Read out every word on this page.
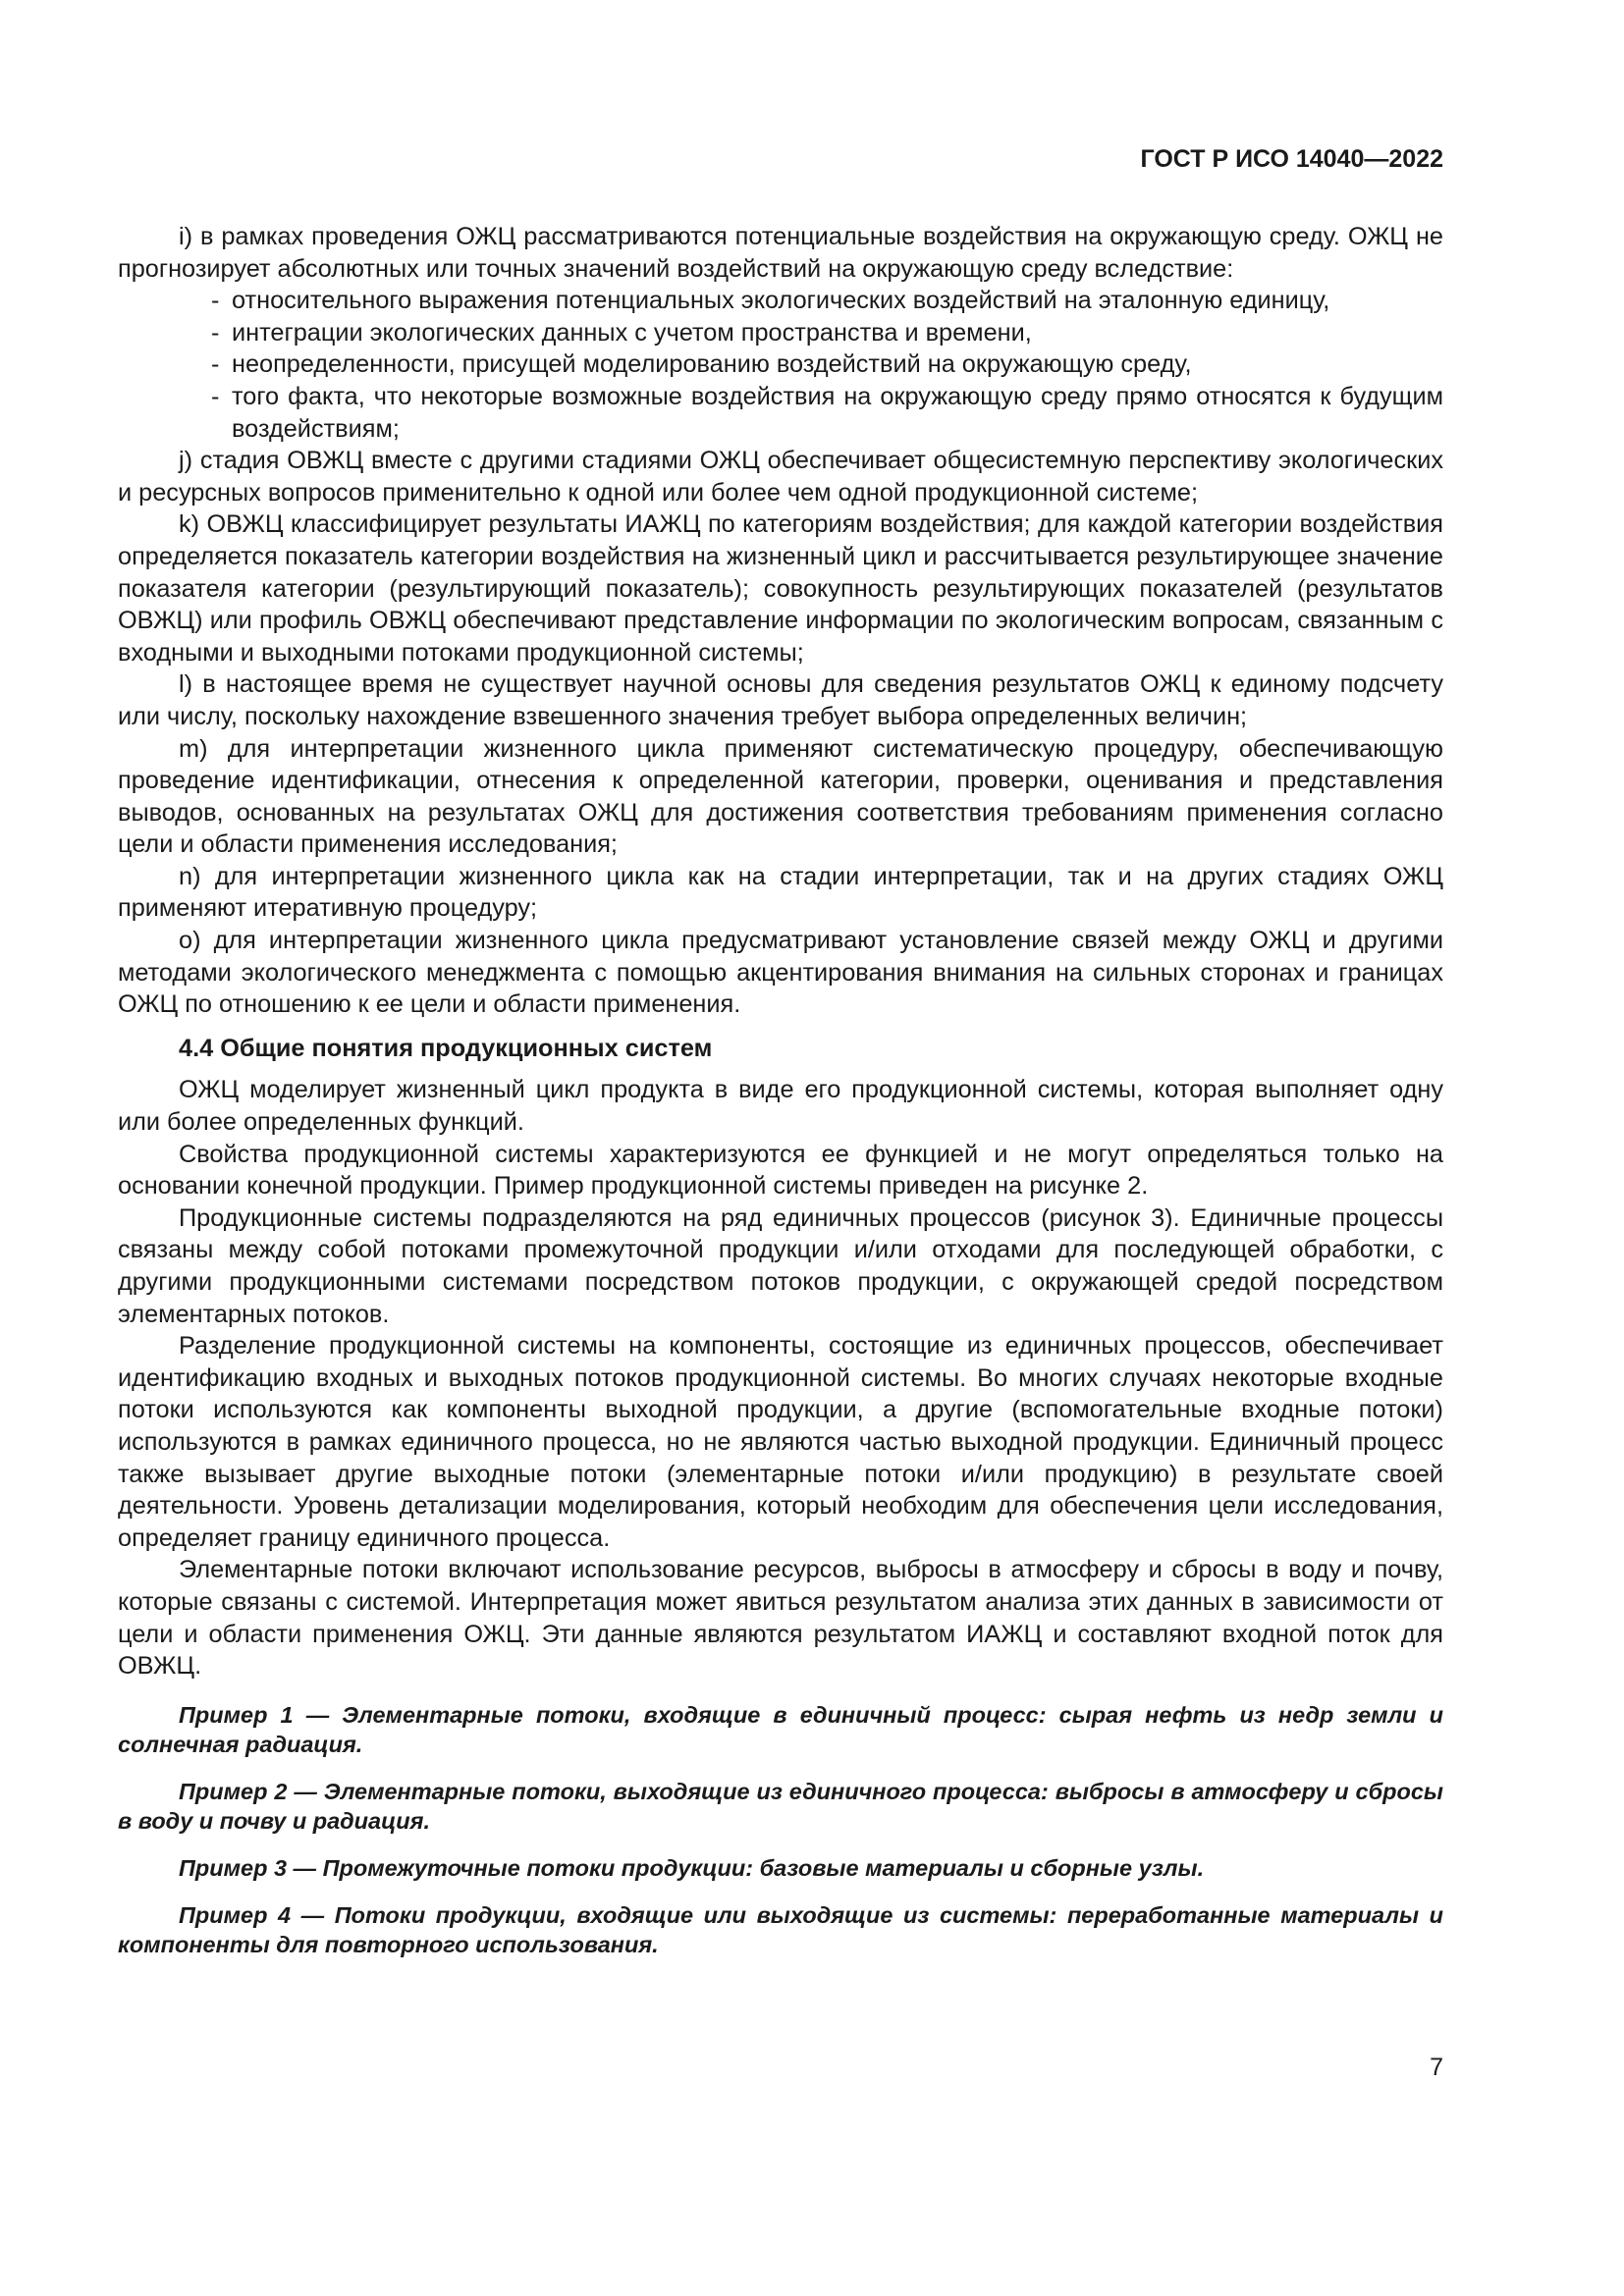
ГОСТ Р ИСО 14040—2022

i) в рамках проведения ОЖЦ рассматриваются потенциальные воздействия на окружающую среду. ОЖЦ не прогнозирует абсолютных или точных значений воздействий на окружающую среду вследствие:

- относительного выражения потенциальных экологических воздействий на эталонную единицу,
- интеграции экологических данных с учетом пространства и времени,
- неопределенности, присущей моделированию воздействий на окружающую среду,
- того факта, что некоторые возможные воздействия на окружающую среду прямо относятся к будущим воздействиям;

j) стадия ОВЖЦ вместе с другими стадиями ОЖЦ обеспечивает общесистемную перспективу экологических и ресурсных вопросов применительно к одной или более чем одной продукционной системе;

k) ОВЖЦ классифицирует результаты ИАЖЦ по категориям воздействия; для каждой категории воздействия определяется показатель категории воздействия на жизненный цикл и рассчитывается результирующее значение показателя категории (результирующий показатель); совокупность результирующих показателей (результатов ОВЖЦ) или профиль ОВЖЦ обеспечивают представление информации по экологическим вопросам, связанным с входными и выходными потоками продукционной системы;

l) в настоящее время не существует научной основы для сведения результатов ОЖЦ к единому подсчету или числу, поскольку нахождение взвешенного значения требует выбора определенных величин;

m) для интерпретации жизненного цикла применяют систематическую процедуру, обеспечивающую проведение идентификации, отнесения к определенной категории, проверки, оценивания и представления выводов, основанных на результатах ОЖЦ для достижения соответствия требованиям применения согласно цели и области применения исследования;

n) для интерпретации жизненного цикла как на стадии интерпретации, так и на других стадиях ОЖЦ применяют итеративную процедуру;

o) для интерпретации жизненного цикла предусматривают установление связей между ОЖЦ и другими методами экологического менеджмента с помощью акцентирования внимания на сильных сторонах и границах ОЖЦ по отношению к ее цели и области применения.

4.4 Общие понятия продукционных систем

ОЖЦ моделирует жизненный цикл продукта в виде его продукционной системы, которая выполняет одну или более определенных функций.

Свойства продукционной системы характеризуются ее функцией и не могут определяться только на основании конечной продукции. Пример продукционной системы приведен на рисунке 2.

Продукционные системы подразделяются на ряд единичных процессов (рисунок 3). Единичные процессы связаны между собой потоками промежуточной продукции и/или отходами для последующей обработки, с другими продукционными системами посредством потоков продукции, с окружающей средой посредством элементарных потоков.

Разделение продукционной системы на компоненты, состоящие из единичных процессов, обеспечивает идентификацию входных и выходных потоков продукционной системы. Во многих случаях некоторые входные потоки используются как компоненты выходной продукции, а другие (вспомогательные входные потоки) используются в рамках единичного процесса, но не являются частью выходной продукции. Единичный процесс также вызывает другие выходные потоки (элементарные потоки и/или продукцию) в результате своей деятельности. Уровень детализации моделирования, который необходим для обеспечения цели исследования, определяет границу единичного процесса.

Элементарные потоки включают использование ресурсов, выбросы в атмосферу и сбросы в воду и почву, которые связаны с системой. Интерпретация может явиться результатом анализа этих данных в зависимости от цели и области применения ОЖЦ. Эти данные являются результатом ИАЖЦ и составляют входной поток для ОВЖЦ.

Пример 1 — Элементарные потоки, входящие в единичный процесс: сырая нефть из недр земли и солнечная радиация.

Пример 2 — Элементарные потоки, выходящие из единичного процесса: выбросы в атмосферу и сбросы в воду и почву и радиация.

Пример 3 — Промежуточные потоки продукции: базовые материалы и сборные узлы.

Пример 4 — Потоки продукции, входящие или выходящие из системы: переработанные материалы и компоненты для повторного использования.

7
